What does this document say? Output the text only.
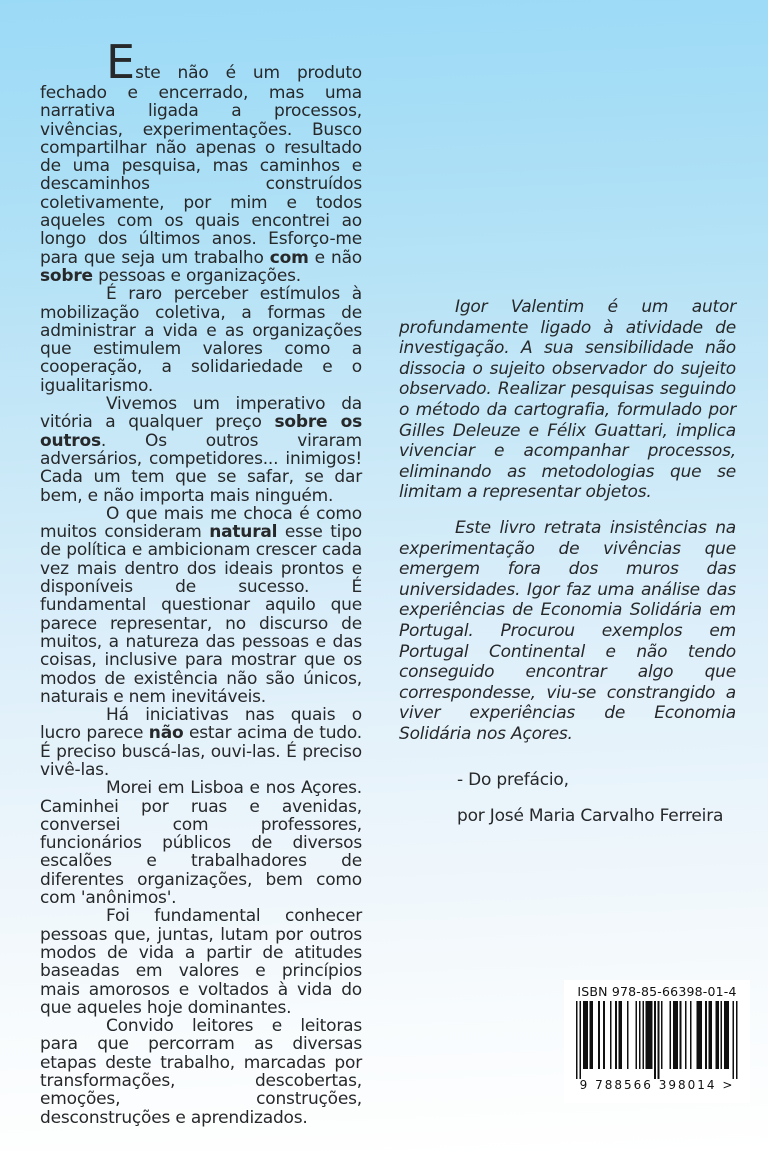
Este não é um produto fechado e encerrado, mas uma narrativa ligada a processos, vivências, experimentações. Busco compartilhar não apenas o resultado de uma pesquisa, mas caminhos e descaminhos construídos coletivamente, por mim e todos aqueles com os quais encontrei ao longo dos últimos anos. Esforço-me para que seja um trabalho com e não sobre pessoas e organizações.

É raro perceber estímulos à mobilização coletiva, a formas de administrar a vida e as organizações que estimulem valores como a cooperação, a solidariedade e o igualitarismo.

Vivemos um imperativo da vitória a qualquer preço sobre os outros. Os outros viraram adversários, competidores... inimigos! Cada um tem que se safar, se dar bem, e não importa mais ninguém.

O que mais me choca é como muitos consideram natural esse tipo de política e ambicionam crescer cada vez mais dentro dos ideais prontos e disponíveis de sucesso. É fundamental questionar aquilo que parece representar, no discurso de muitos, a natureza das pessoas e das coisas, inclusive para mostrar que os modos de existência não são únicos, naturais e nem inevitáveis.

Há iniciativas nas quais o lucro parece não estar acima de tudo. É preciso buscá-las, ouvi-las. É preciso vivê-las.

Morei em Lisboa e nos Açores. Caminhei por ruas e avenidas, conversei com professores, funcionários públicos de diversos escalões e trabalhadores de diferentes organizações, bem como com 'anônimos'.

Foi fundamental conhecer pessoas que, juntas, lutam por outros modos de vida a partir de atitudes baseadas em valores e princípios mais amorosos e voltados à vida do que aqueles hoje dominantes.

Convido leitores e leitoras para que percorram as diversas etapas deste trabalho, marcadas por transformações, descobertas, emoções, construções, desconstruções e aprendizados.

Igor Valentim é um autor profundamente ligado à atividade de investigação. A sua sensibilidade não dissocia o sujeito observador do sujeito observado. Realizar pesquisas seguindo o método da cartografia, formulado por Gilles Deleuze e Félix Guattari, implica vivenciar e acompanhar processos, eliminando as metodologias que se limitam a representar objetos.

Este livro retrata insistências na experimentação de vivências que emergem fora dos muros das universidades. Igor faz uma análise das experiências de Economia Solidária em Portugal. Procurou exemplos em Portugal Continental e não tendo conseguido encontrar algo que correspondesse, viu-se constrangido a viver experiências de Economia Solidária nos Açores.

- Do prefácio,

por José Maria Carvalho Ferreira

ISBN 978-85-66398-01-4
9 788566 398014 >
